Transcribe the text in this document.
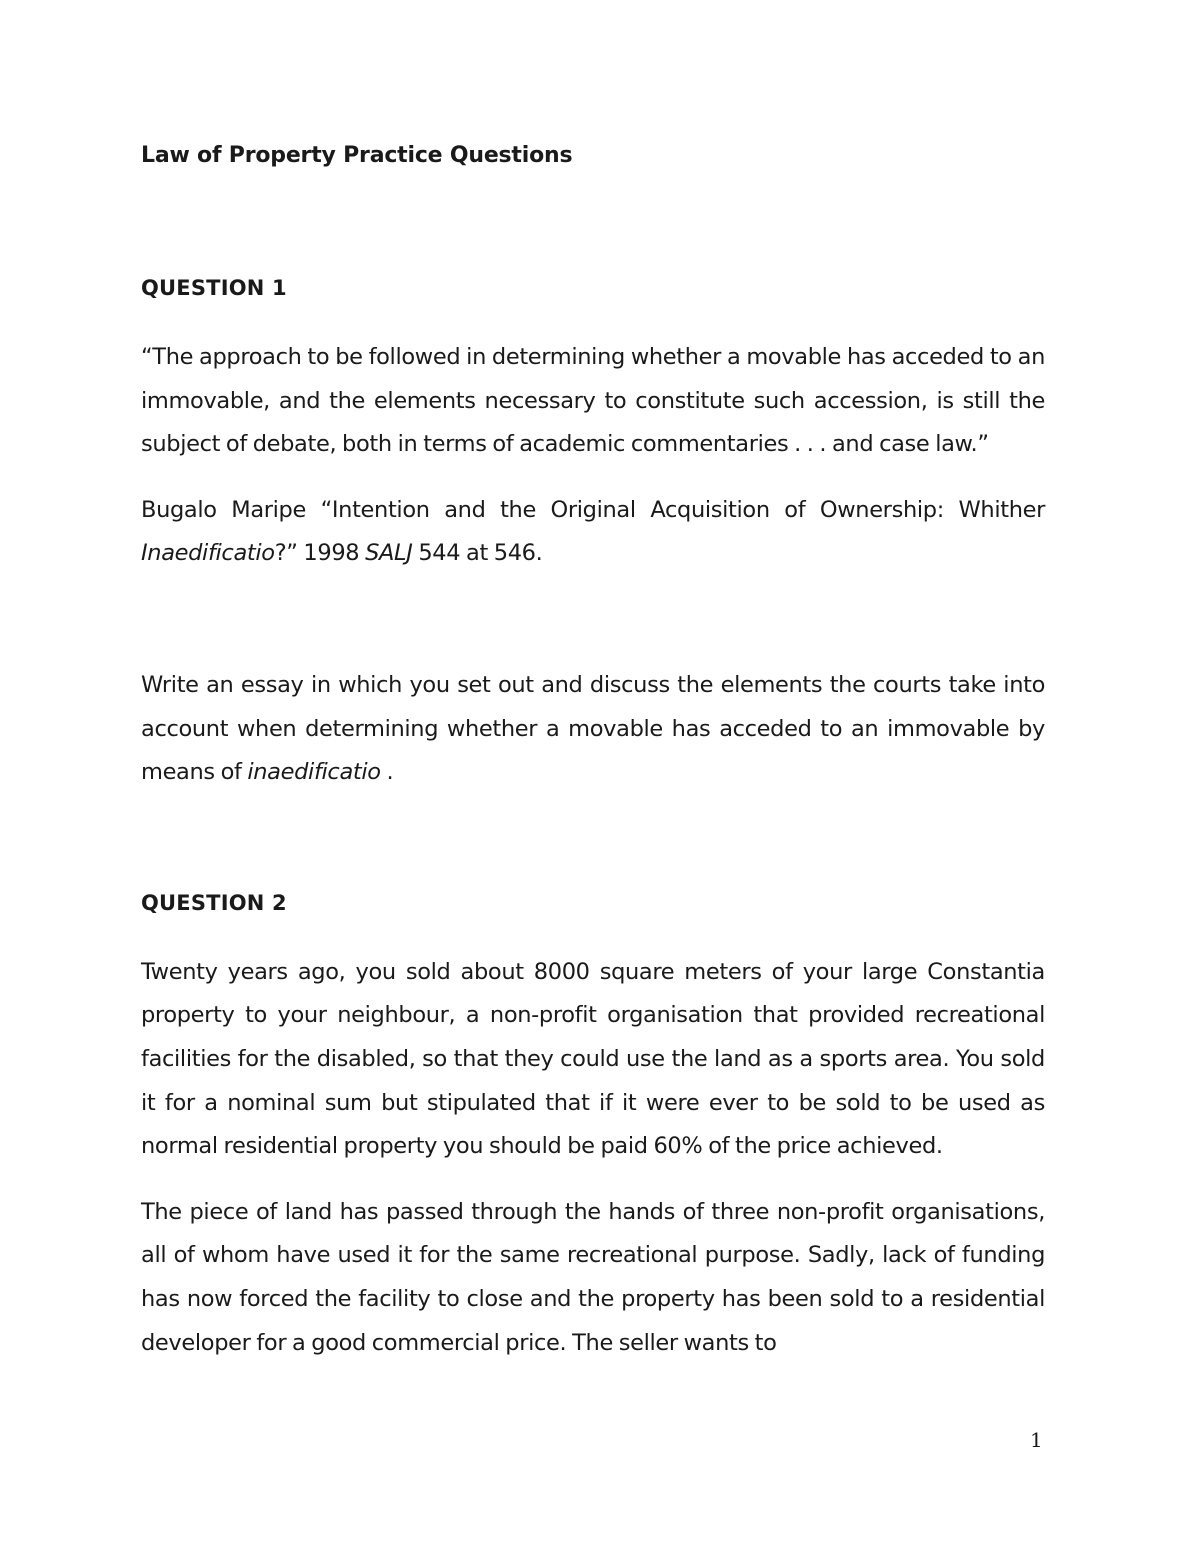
Law of Property Practice Questions

QUESTION 1

“The approach to be followed in determining whether a movable has acceded to an immovable, and the elements necessary to constitute such accession, is still the subject of debate, both in terms of academic commentaries . . . and case law.”

Bugalo Maripe “Intention and the Original Acquisition of Ownership: Whither Inaedificatio?” 1998 SALJ 544 at 546.

Write an essay in which you set out and discuss the elements the courts take into account when determining whether a movable has acceded to an immovable by means of inaedificatio .

QUESTION 2

Twenty years ago, you sold about 8000 square meters of your large Constantia property to your neighbour, a non-profit organisation that provided recreational facilities for the disabled, so that they could use the land as a sports area. You sold it for a nominal sum but stipulated that if it were ever to be sold to be used as normal residential property you should be paid 60% of the price achieved.

The piece of land has passed through the hands of three non-profit organisations, all of whom have used it for the same recreational purpose. Sadly, lack of funding has now forced the facility to close and the property has been sold to a residential developer for a good commercial price. The seller wants to

1
